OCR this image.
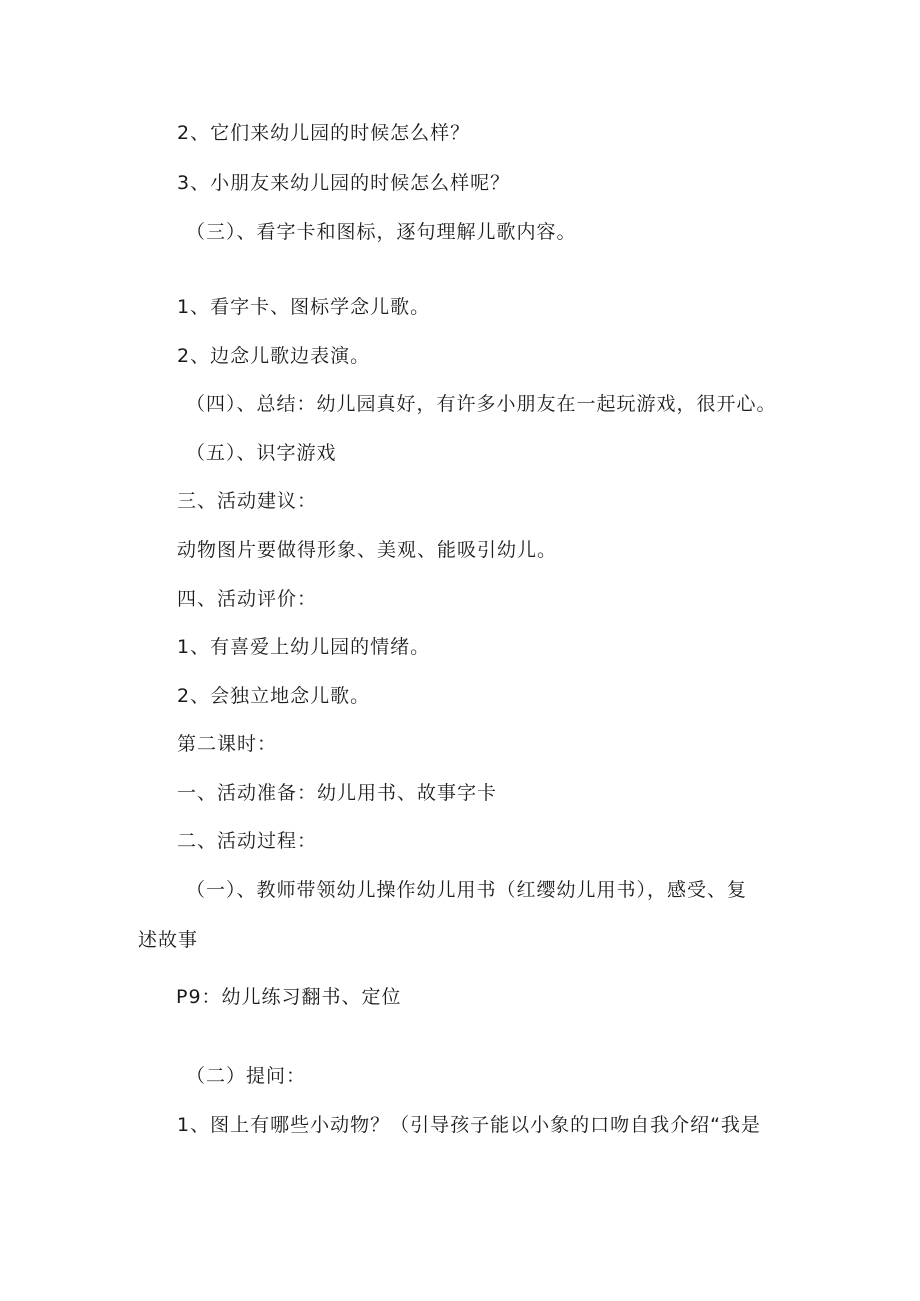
2、它们来幼儿园的时候怎么样？

3、小朋友来幼儿园的时候怎么样呢？

（三）、看字卡和图标，逐句理解儿歌内容。

1、看字卡、图标学念儿歌。

2、边念儿歌边表演。

（四）、总结：幼儿园真好，有许多小朋友在一起玩游戏，很开心。

（五）、识字游戏

三、活动建议：

动物图片要做得形象、美观、能吸引幼儿。

四、活动评价：

1、有喜爱上幼儿园的情绪。

2、会独立地念儿歌。

第二课时：

一、活动准备：幼儿用书、故事字卡

二、活动过程：

（一）、教师带领幼儿操作幼儿用书（红缨幼儿用书），感受、复

述故事

P9：幼儿练习翻书、定位

（二）提问：

1、图上有哪些小动物？（引导孩子能以小象的口吻自我介绍“我是
